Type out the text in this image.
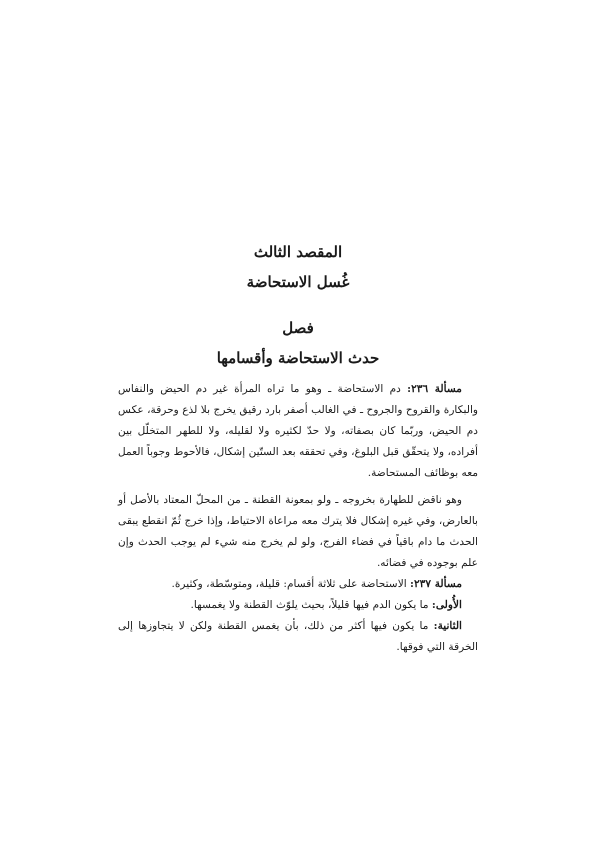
المقصد الثالث

غُسل الاستحاضة

فصل

حدث الاستحاضة وأقسامها

مسألة ٢٣٦: دم الاستحاضة ـ وهو ما تراه المرأة غير دم الحيض والنفاس والبكارة والقروح والجروح ـ في الغالب أصفر بارد رقيق يخرج بلا لذع وحرقة، عكس دم الحيض، وربّما كان بصفاته، ولا حدّ لكثيره ولا لقليله، ولا للطهر المتخلّل بين أفراده، ولا يتحقّق قبل البلوغ، وفي تحققه بعد الستّين إشكال، فالأحوط وجوباً العمل معه بوظائف المستحاضة.

وهو ناقض للطهارة بخروجه ـ ولو بمعونة القطنة ـ من المحلّ المعتاد بالأصل أو بالعارض، وفي غيره إشكال فلا يترك معه مراعاة الاحتياط، وإذا خرج ثُمّ انقطع يبقى الحدث ما دام باقياً في فضاء الفرج، ولو لم يخرج منه شيء لم يوجب الحدث وإن علم بوجوده في فضائه.

مسألة ٢٣٧: الاستحاضة على ثلاثة أقسام: قليلة، ومتوسّطة، وكثيرة.

الأُولى: ما يكون الدم فيها قليلاً، بحيث يلوّث القطنة ولا يغمسها.

الثانية: ما يكون فيها أكثر من ذلك، بأن يغمس القطنة ولكن لا يتجاوزها إلى الخرقة التي فوقها.
